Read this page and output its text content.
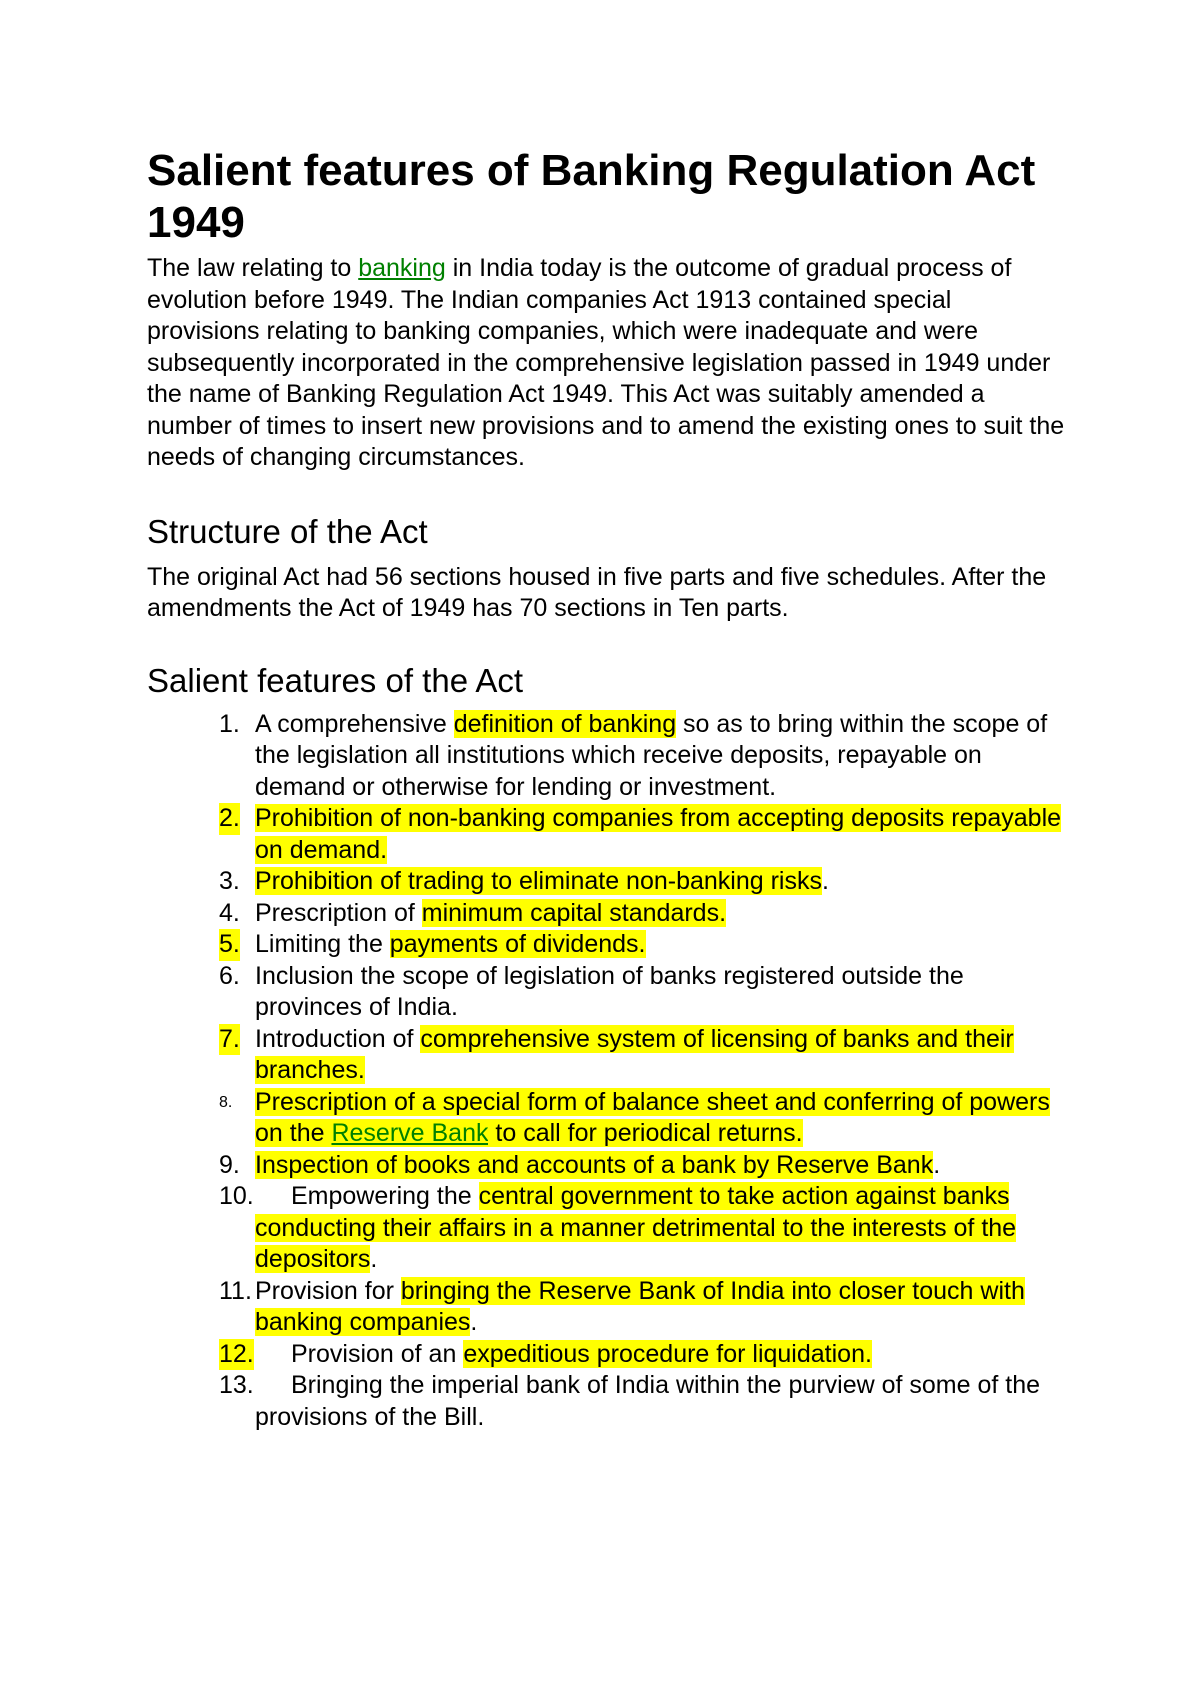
Salient features of Banking Regulation Act 1949

The law relating to banking in India today is the outcome of gradual process of evolution before 1949. The Indian companies Act 1913 contained special provisions relating to banking companies, which were inadequate and were subsequently incorporated in the comprehensive legislation passed in 1949 under the name of Banking Regulation Act 1949. This Act was suitably amended a number of times to insert new provisions and to amend the existing ones to suit the needs of changing circumstances.

Structure of the Act

The original Act had 56 sections housed in five parts and five schedules. After the amendments the Act of 1949 has 70 sections in Ten parts.

Salient features of the Act
1. A comprehensive definition of banking so as to bring within the scope of the legislation all institutions which receive deposits, repayable on demand or otherwise for lending or investment.
2. Prohibition of non-banking companies from accepting deposits repayable on demand.
3. Prohibition of trading to eliminate non-banking risks.
4. Prescription of minimum capital standards.
5. Limiting the payments of dividends.
6. Inclusion the scope of legislation of banks registered outside the provinces of India.
7. Introduction of comprehensive system of licensing of banks and their branches.
8. Prescription of a special form of balance sheet and conferring of powers on the Reserve Bank to call for periodical returns.
9. Inspection of books and accounts of a bank by Reserve Bank.
10. Empowering the central government to take action against banks conducting their affairs in a manner detrimental to the interests of the depositors.
11. Provision for bringing the Reserve Bank of India into closer touch with banking companies.
12. Provision of an expeditious procedure for liquidation.
13. Bringing the imperial bank of India within the purview of some of the provisions of the Bill.
